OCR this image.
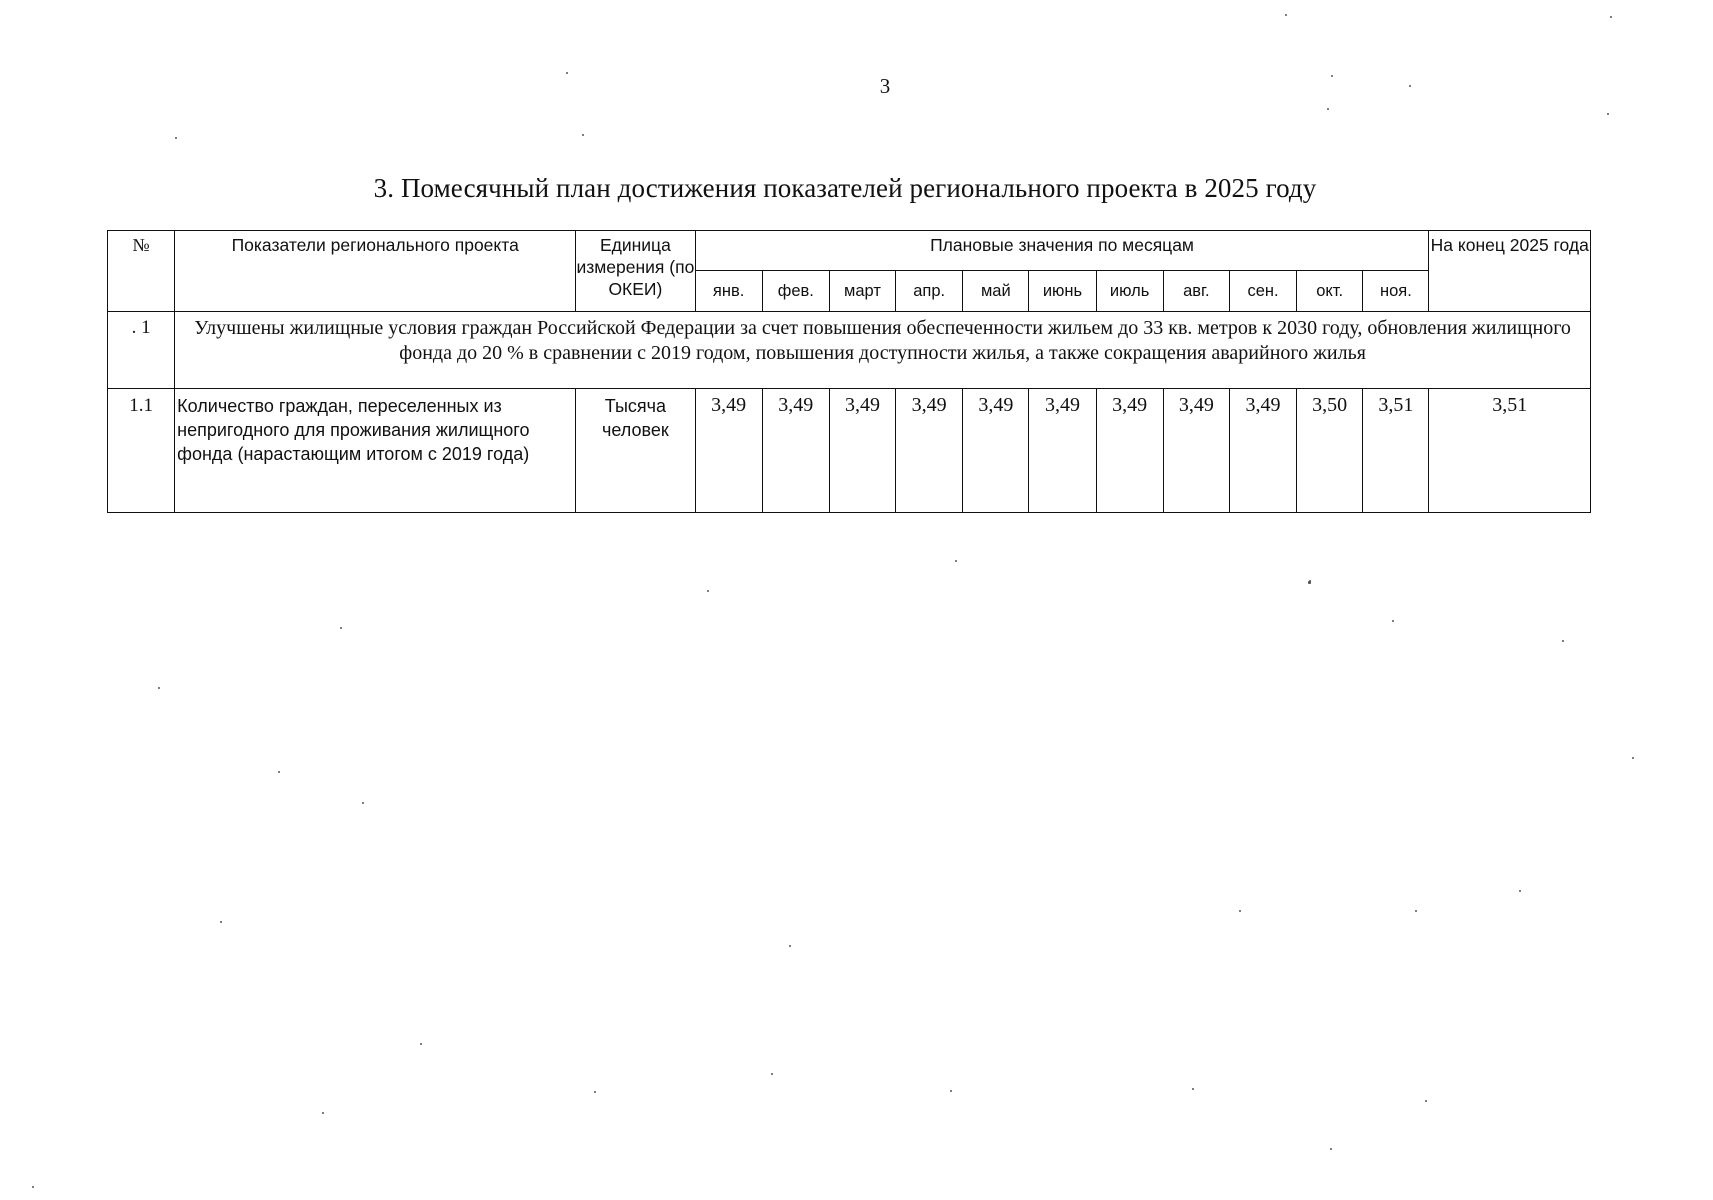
3
3. Помесячный план достижения показателей регионального проекта в 2025 году
№	Показатели регионального проекта	Единица измерения (по ОКЕИ)	Плановые значения по месяцам											На конец 2025 года
			янв.	фев.	март	апр.	май	июнь	июль	авг.	сен.	окт.	ноя.	
. 1	Улучшены жилищные условия граждан Российской Федерации за счет повышения обеспеченности жильем до 33 кв. метров к 2030 году, обновления жилищного фонда до 20 % в сравнении с 2019 годом, повышения доступности жилья, а также сокращения аварийного жилья													
1.1	Количество граждан, переселенных из непригодного для проживания жилищного фонда (нарастающим итогом с 2019 года)	Тысяча человек	3,49	3,49	3,49	3,49	3,49	3,49	3,49	3,49	3,49	3,50	3,51	3,51
